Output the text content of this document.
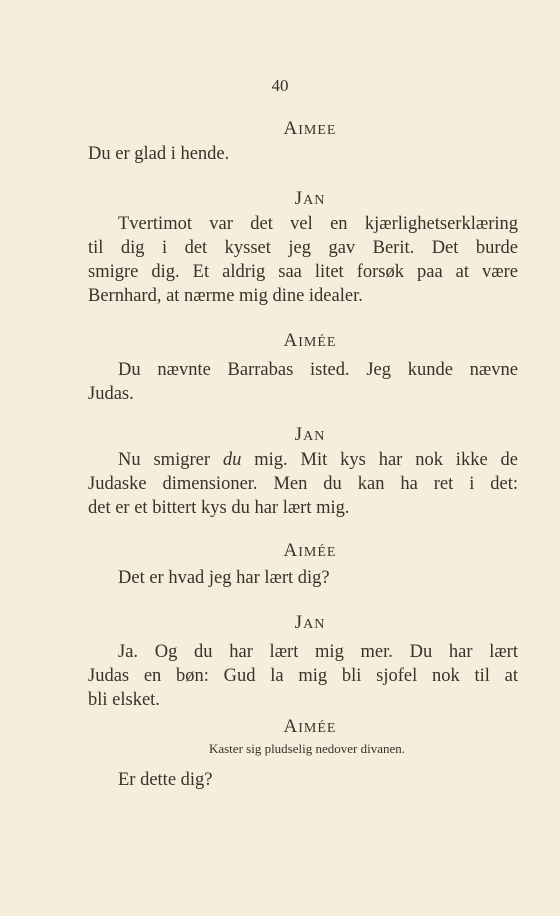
40
AIMEE
Du er glad i hende.
JAN
Tvertimot var det vel en kjærlighetserklæring
til dig i det kysset jeg gav Berit. Det burde
smigre dig. Et aldrig saa litet forsøk paa at være
Bernhard, at nærme mig dine idealer.
AIMÉE
Du nævnte Barrabas isted. Jeg kunde nævne
Judas.
JAN
Nu smigrer du mig. Mit kys har nok ikke de
Judaske dimensioner. Men du kan ha ret i det:
det er et bittert kys du har lært mig.
AIMÉE
Det er hvad jeg har lært dig?
JAN
Ja. Og du har lært mig mer. Du har lært
Judas en bøn: Gud la mig bli sjofel nok til at
bli elsket.
AIMÉE
Kaster sig pludselig nedover divanen.
Er dette dig?
